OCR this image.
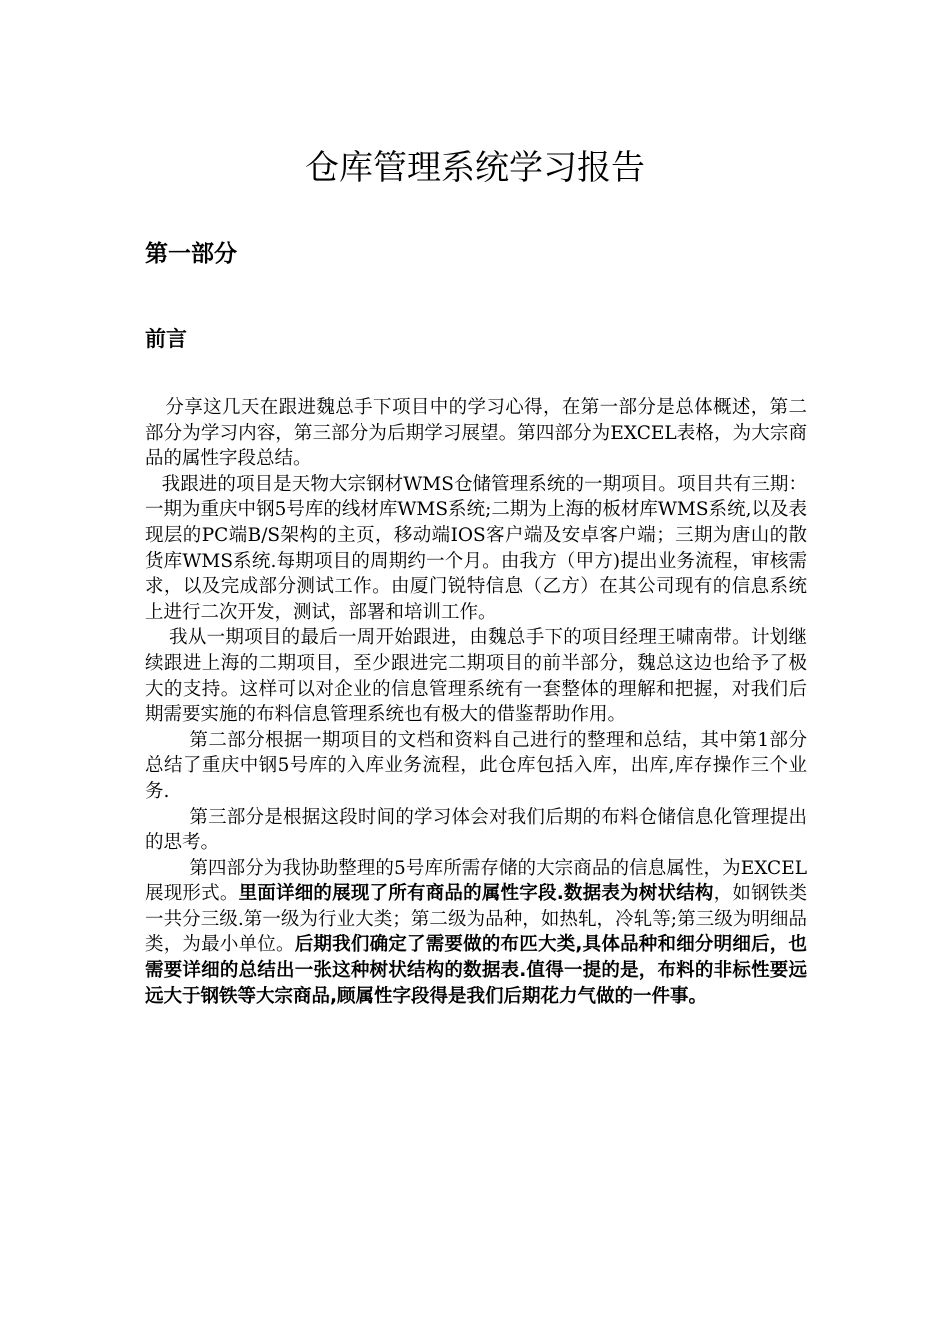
仓库管理系统学习报告
第一部分
前言

分享这几天在跟进魏总手下项目中的学习心得，在第一部分是总体概述，第二部分为学习内容，第三部分为后期学习展望。第四部分为EXCEL表格，为大宗商品的属性字段总结。

我跟进的项目是天物大宗钢材WMS仓储管理系统的一期项目。项目共有三期：一期为重庆中钢5号库的线材库WMS系统;二期为上海的板材库WMS系统,以及表现层的PC端B/S架构的主页，移动端IOS客户端及安卓客户端；三期为唐山的散货库WMS系统.每期项目的周期约一个月。由我方（甲方)提出业务流程，审核需求，以及完成部分测试工作。由厦门锐特信息（乙方）在其公司现有的信息系统上进行二次开发，测试，部署和培训工作。

我从一期项目的最后一周开始跟进，由魏总手下的项目经理王啸南带。计划继续跟进上海的二期项目，至少跟进完二期项目的前半部分，魏总这边也给予了极大的支持。这样可以对企业的信息管理系统有一套整体的理解和把握，对我们后期需要实施的布料信息管理系统也有极大的借鉴帮助作用。

第二部分根据一期项目的文档和资料自己进行的整理和总结，其中第1部分总结了重庆中钢5号库的入库业务流程，此仓库包括入库，出库,库存操作三个业务.

第三部分是根据这段时间的学习体会对我们后期的布料仓储信息化管理提出的思考。

第四部分为我协助整理的5号库所需存储的大宗商品的信息属性，为EXCEL展现形式。里面详细的展现了所有商品的属性字段.数据表为树状结构，如钢铁类一共分三级.第一级为行业大类；第二级为品种，如热轧，冷轧等;第三级为明细品类，为最小单位。后期我们确定了需要做的布匹大类,具体品种和细分明细后，也需要详细的总结出一张这种树状结构的数据表.值得一提的是，布料的非标性要远远大于钢铁等大宗商品,顾属性字段得是我们后期花力气做的一件事。
